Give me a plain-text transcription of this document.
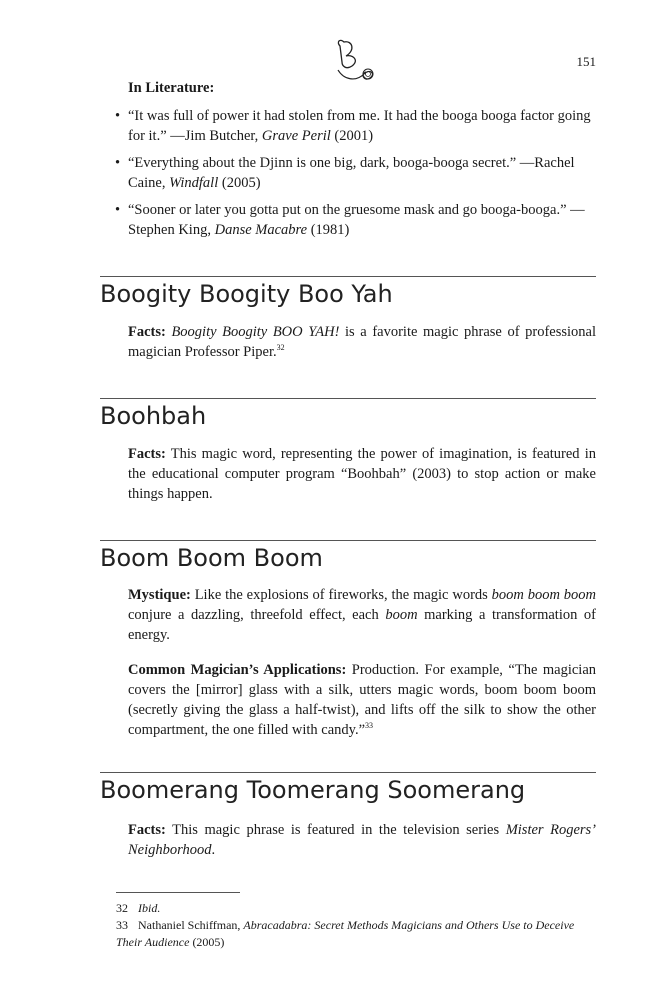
151
In Literature:
• “It was full of power it had stolen from me. It had the booga booga factor going for it.” —Jim Butcher, Grave Peril (2001)
• “Everything about the Djinn is one big, dark, booga-booga secret.” —Rachel Caine, Windfall (2005)
• “Sooner or later you gotta put on the gruesome mask and go booga-booga.” —Stephen King, Danse Macabre (1981)
Boogity Boogity Boo Yah

Facts: Boogity Boogity BOO YAH! is a favorite magic phrase of professional magician Professor Piper.$^{32}$

Boohbah

Facts: This magic word, representing the power of imagination, is featured in the educational computer program “Boohbah” (2003) to stop action or make things happen.

Boom Boom Boom

Mystique: Like the explosions of fireworks, the magic words boom boom boom conjure a dazzling, threefold effect, each boom marking a transformation of energy.

Common Magician’s Applications: Production. For example, “The magician covers the [mirror] glass with a silk, utters magic words, boom boom boom (secretly giving the glass a half-twist), and lifts off the silk to show the other compartment, the one filled with candy.”$^{33}$

Boomerang Toomerang Soomerang

Facts: This magic phrase is featured in the television series Mister Rogers’ Neighborhood.

32 Ibid.
33 Nathaniel Schiffman, Abracadabra: Secret Methods Magicians and Others Use to Deceive Their Audience (2005)
